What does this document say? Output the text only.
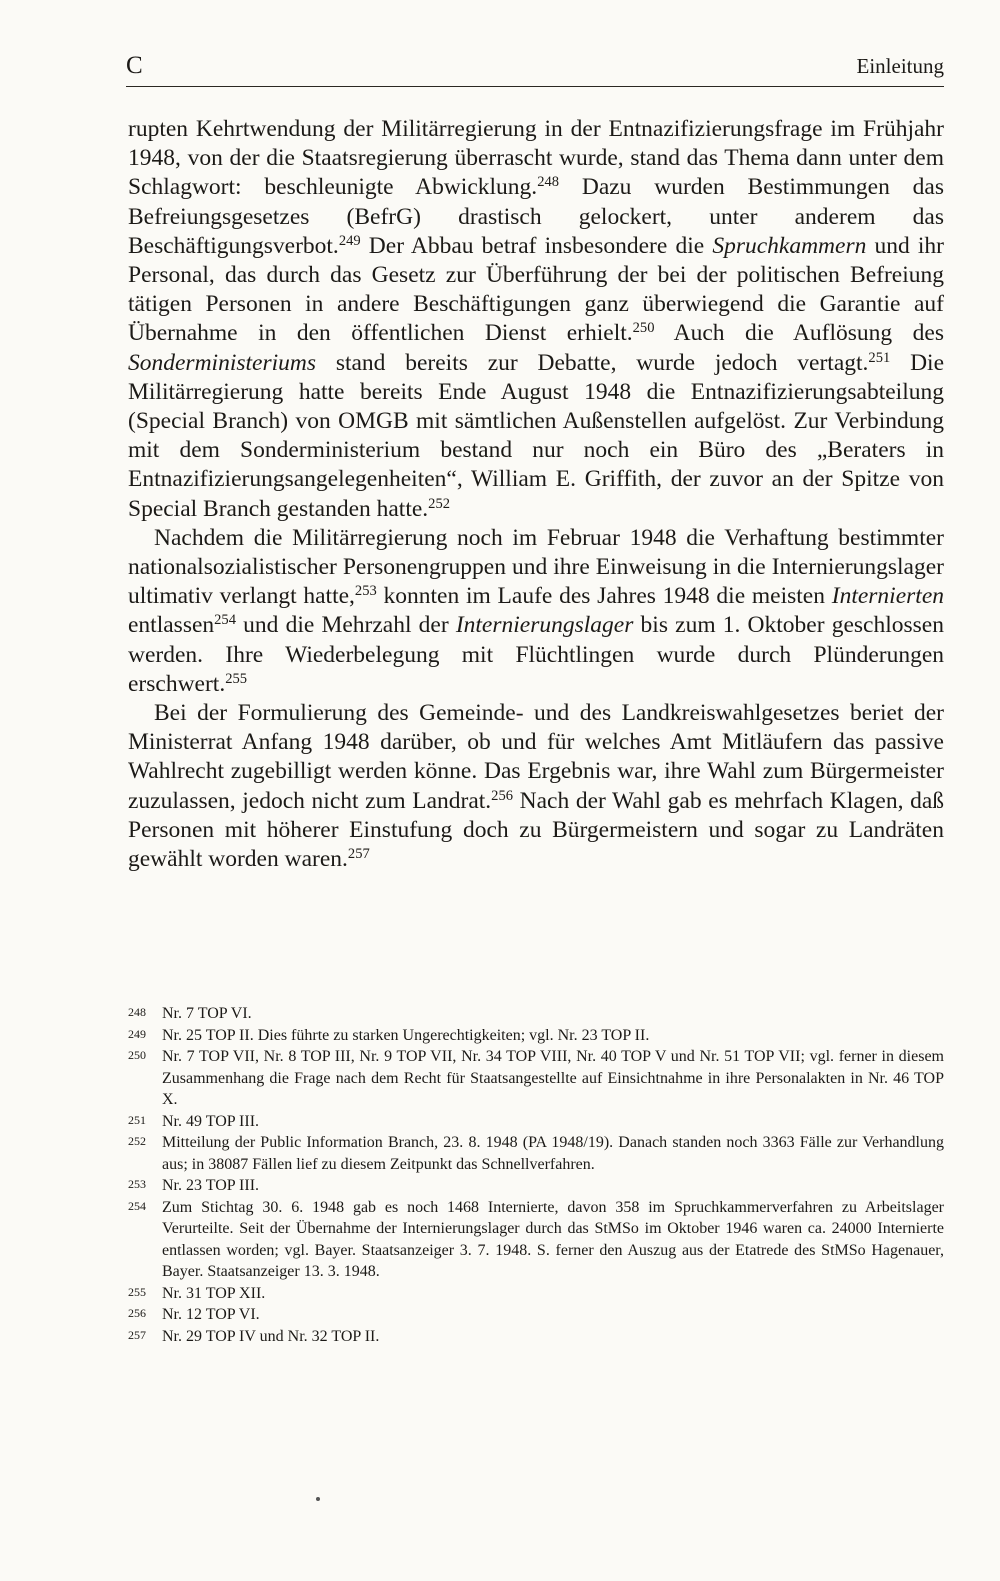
C	Einleitung

rupten Kehrtwendung der Militärregierung in der Entnazifizierungsfrage im Frühjahr 1948, von der die Staatsregierung überrascht wurde, stand das Thema dann unter dem Schlagwort: beschleunigte Abwicklung.$^{248}$ Dazu wurden Bestimmungen das Befreiungsgesetzes (BefrG) drastisch gelockert, unter anderem das Beschäftigungsverbot.$^{249}$ Der Abbau betraf insbesondere die Spruchkammern und ihr Personal, das durch das Gesetz zur Überführung der bei der politischen Befreiung tätigen Personen in andere Beschäftigungen ganz überwiegend die Garantie auf Übernahme in den öffentlichen Dienst erhielt.$^{250}$ Auch die Auflösung des Sonderministeriums stand bereits zur Debatte, wurde jedoch vertagt.$^{251}$ Die Militärregierung hatte bereits Ende August 1948 die Entnazifizierungsabteilung (Special Branch) von OMGB mit sämtlichen Außenstellen aufgelöst. Zur Verbindung mit dem Sonderministerium bestand nur noch ein Büro des „Beraters in Entnazifizierungsangelegenheiten“, William E. Griffith, der zuvor an der Spitze von Special Branch gestanden hatte.$^{252}$

Nachdem die Militärregierung noch im Februar 1948 die Verhaftung bestimmter nationalsozialistischer Personengruppen und ihre Einweisung in die Internierungslager ultimativ verlangt hatte,$^{253}$ konnten im Laufe des Jahres 1948 die meisten Internierten entlassen$^{254}$ und die Mehrzahl der Internierungslager bis zum 1. Oktober geschlossen werden. Ihre Wiederbelegung mit Flüchtlingen wurde durch Plünderungen erschwert.$^{255}$

Bei der Formulierung des Gemeinde- und des Landkreiswahlgesetzes beriet der Ministerrat Anfang 1948 darüber, ob und für welches Amt Mitläufern das passive Wahlrecht zugebilligt werden könne. Das Ergebnis war, ihre Wahl zum Bürgermeister zuzulassen, jedoch nicht zum Landrat.$^{256}$ Nach der Wahl gab es mehrfach Klagen, daß Personen mit höherer Einstufung doch zu Bürgermeistern und sogar zu Landräten gewählt worden waren.$^{257}$

248	Nr. 7 TOP VI.
249	Nr. 25 TOP II. Dies führte zu starken Ungerechtigkeiten; vgl. Nr. 23 TOP II.
250	Nr. 7 TOP VII, Nr. 8 TOP III, Nr. 9 TOP VII, Nr. 34 TOP VIII, Nr. 40 TOP V und Nr. 51 TOP VII; vgl. ferner in diesem Zusammenhang die Frage nach dem Recht für Staatsangestellte auf Einsichtnahme in ihre Personalakten in Nr. 46 TOP X.
251	Nr. 49 TOP III.
252	Mitteilung der Public Information Branch, 23. 8. 1948 (PA 1948/19). Danach standen noch 3363 Fälle zur Verhandlung aus; in 38087 Fällen lief zu diesem Zeitpunkt das Schnellverfahren.
253	Nr. 23 TOP III.
254	Zum Stichtag 30. 6. 1948 gab es noch 1468 Internierte, davon 358 im Spruchkammerverfahren zu Arbeitslager Verurteilte. Seit der Übernahme der Internierungslager durch das StMSo im Oktober 1946 waren ca. 24000 Internierte entlassen worden; vgl. Bayer. Staatsanzeiger 3. 7. 1948. S. ferner den Auszug aus der Etatrede des StMSo Hagenauer, Bayer. Staatsanzeiger 13. 3. 1948.
255	Nr. 31 TOP XII.
256	Nr. 12 TOP VI.
257	Nr. 29 TOP IV und Nr. 32 TOP II.
